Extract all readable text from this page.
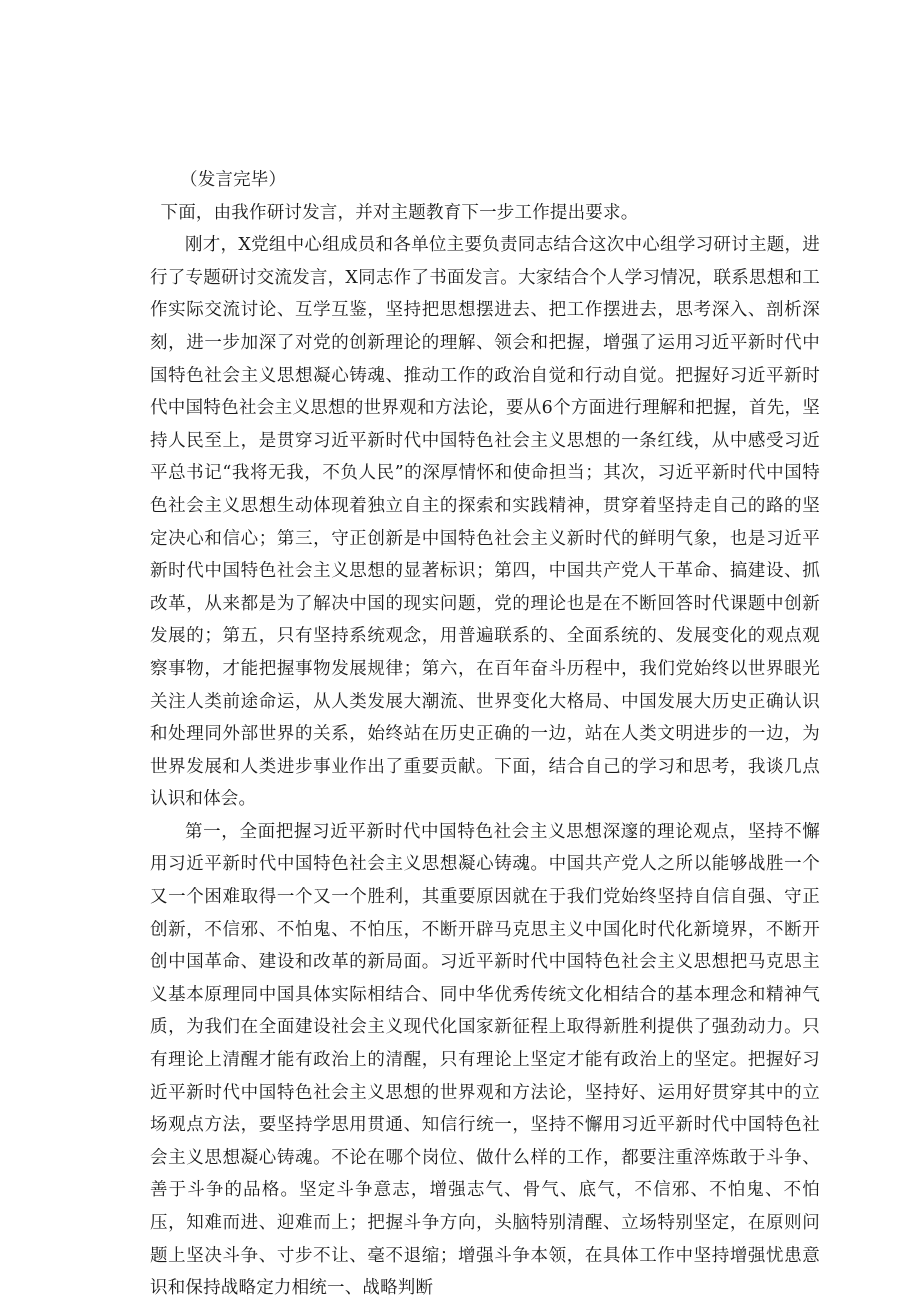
（发言完毕）

下面，由我作研讨发言，并对主题教育下一步工作提出要求。

刚才，X党组中心组成员和各单位主要负责同志结合这次中心组学习研讨主题，进行了专题研讨交流发言，X同志作了书面发言。大家结合个人学习情况，联系思想和工作实际交流讨论、互学互鉴，坚持把思想摆进去、把工作摆进去，思考深入、剖析深刻，进一步加深了对党的创新理论的理解、领会和把握，增强了运用习近平新时代中国特色社会主义思想凝心铸魂、推动工作的政治自觉和行动自觉。把握好习近平新时代中国特色社会主义思想的世界观和方法论，要从6个方面进行理解和把握，首先，坚持人民至上，是贯穿习近平新时代中国特色社会主义思想的一条红线，从中感受习近平总书记“我将无我，不负人民”的深厚情怀和使命担当；其次，习近平新时代中国特色社会主义思想生动体现着独立自主的探索和实践精神，贯穿着坚持走自己的路的坚定决心和信心；第三，守正创新是中国特色社会主义新时代的鲜明气象，也是习近平新时代中国特色社会主义思想的显著标识；第四，中国共产党人干革命、搞建设、抓改革，从来都是为了解决中国的现实问题，党的理论也是在不断回答时代课题中创新发展的；第五，只有坚持系统观念，用普遍联系的、全面系统的、发展变化的观点观察事物，才能把握事物发展规律；第六，在百年奋斗历程中，我们党始终以世界眼光关注人类前途命运，从人类发展大潮流、世界变化大格局、中国发展大历史正确认识和处理同外部世界的关系，始终站在历史正确的一边，站在人类文明进步的一边，为世界发展和人类进步事业作出了重要贡献。下面，结合自己的学习和思考，我谈几点认识和体会。

第一，全面把握习近平新时代中国特色社会主义思想深邃的理论观点，坚持不懈用习近平新时代中国特色社会主义思想凝心铸魂。中国共产党人之所以能够战胜一个又一个困难取得一个又一个胜利，其重要原因就在于我们党始终坚持自信自强、守正创新，不信邪、不怕鬼、不怕压，不断开辟马克思主义中国化时代化新境界，不断开创中国革命、建设和改革的新局面。习近平新时代中国特色社会主义思想把马克思主义基本原理同中国具体实际相结合、同中华优秀传统文化相结合的基本理念和精神气质，为我们在全面建设社会主义现代化国家新征程上取得新胜利提供了强劲动力。只有理论上清醒才能有政治上的清醒，只有理论上坚定才能有政治上的坚定。把握好习近平新时代中国特色社会主义思想的世界观和方法论，坚持好、运用好贯穿其中的立场观点方法，要坚持学思用贯通、知信行统一，坚持不懈用习近平新时代中国特色社会主义思想凝心铸魂。不论在哪个岗位、做什么样的工作，都要注重淬炼敢于斗争、善于斗争的品格。坚定斗争意志，增强志气、骨气、底气，不信邪、不怕鬼、不怕压，知难而进、迎难而上；把握斗争方向，头脑特别清醒、立场特别坚定，在原则问题上坚决斗争、寸步不让、毫不退缩；增强斗争本领，在具体工作中坚持增强忧患意识和保持战略定力相统一、战略判断
